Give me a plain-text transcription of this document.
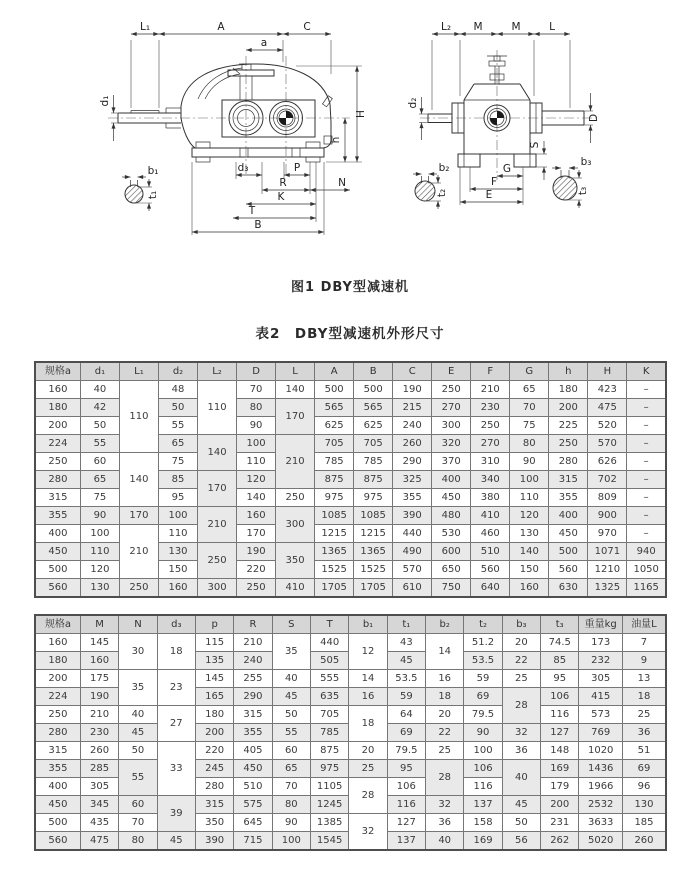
L₁	A	C
a
d₁
H
h
d₃	P
R	N
K
T
B
b₁
t₁
L₂ M	M	L
d₂
D
S
G
F
E
b₂
t₂
b₃
t₃
图1 DBY型减速机
表2　DBY型减速机外形尺寸
规格a	d₁	L₁	d₂	L₂	D	L	A	B	C	E	F	G	h	H	K
160	40	110	48	110	70	140	500	500	190	250	210	65	180	423	–
180	42		50		80	170	565	565	215	270	230	70	200	475	–
200	50		55		90		625	625	240	300	250	75	225	520	–
224	55		65	140	100	210	705	705	260	320	270	80	250	570	–
250	60	140	75		110		785	785	290	370	310	90	280	626	–
280	65		85	170	120		875	875	325	400	340	100	315	702	–
315	75		95		140	250	975	975	355	450	380	110	355	809	–
355	90	170	100	210	160	300	1085	1085	390	480	410	120	400	900	–
400	100	210	110		170		1215	1215	440	530	460	130	450	970	–
450	110		130	250	190	350	1365	1365	490	600	510	140	500	1071	940
500	120		150		220		1525	1525	570	650	560	150	560	1210	1050
560	130	250	160	300	250	410	1705	1705	610	750	640	160	630	1325	1165
规格a	M	N	d₃	p	R	S	T	b₁	t₁	b₂	t₂	b₃	t₃	重量kg	油量L
160	145	30	18	115	210	35	440	12	43	14	51.2	20	74.5	173	7
180	160			135	240		505		45		53.5	22	85	232	9
200	175	35	23	145	255	40	555	14	53.5	16	59	25	95	305	13
224	190			165	290	45	635	16	59	18	69	28	106	415	18
250	210	40	27	180	315	50	705	18	64	20	79.5		116	573	25
280	230	45		200	355	55	785		69	22	90	32	127	769	36
315	260	50	33	220	405	60	875	20	79.5	25	100	36	148	1020	51
355	285	55		245	450	65	975	25	95	28	106	40	169	1436	69
400	305			280	510	70	1105	28	106		116		179	1966	96
450	345	60	39	315	575	80	1245		116	32	137	45	200	2532	130
500	435	70		350	645	90	1385	32	127	36	158	50	231	3633	185
560	475	80	45	390	715	100	1545		137	40	169	56	262	5020	260
